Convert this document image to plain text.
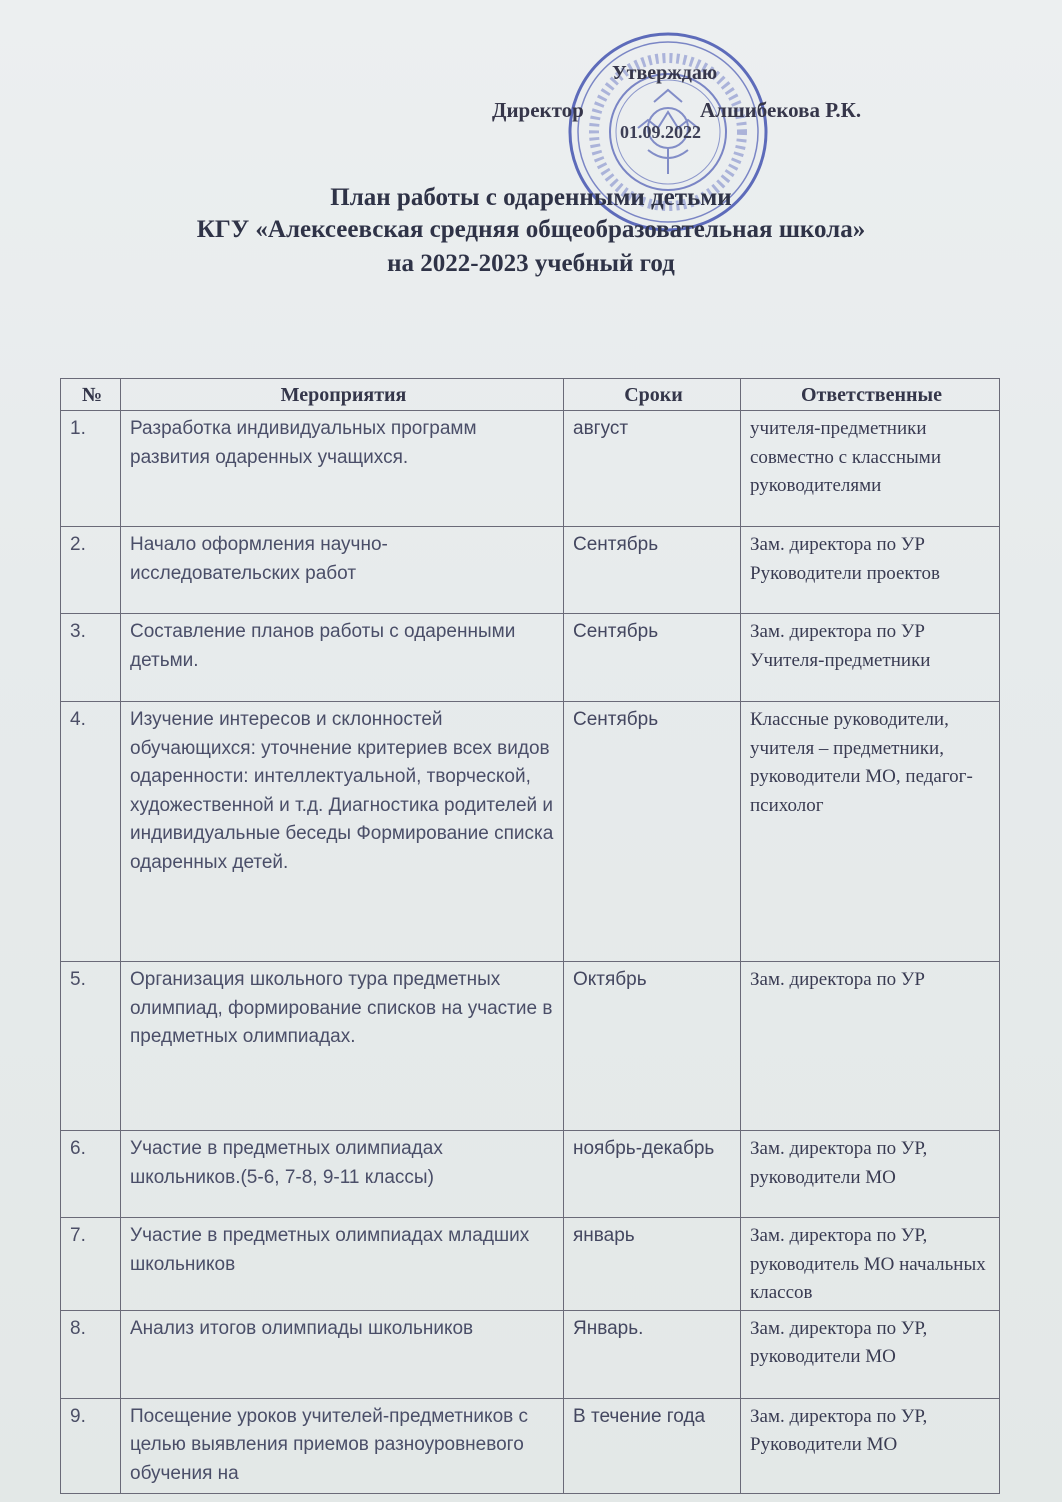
Утверждаю
Директор	Алшибекова Р.К.
01.09.2022
План работы с одаренными детьми
КГУ «Алексеевская средняя общеобразовательная школа»
на 2022-2023 учебный год
№	Мероприятия	Сроки	Ответственные
1.	Разработка индивидуальных программ развития одаренных учащихся.	август	учителя-предметники совместно с классными руководителями
2.	Начало оформления научно-исследовательских работ	Сентябрь	Зам. директора по УР Руководители проектов
3.	Составление планов работы с одаренными детьми.	Сентябрь	Зам. директора по УР Учителя-предметники
4.	Изучение интересов и склонностей обучающихся: уточнение критериев всех видов одаренности: интеллектуальной, творческой, художественной и т.д. Диагностика родителей и индивидуальные беседы Формирование списка одаренных детей.	Сентябрь	Классные руководители, учителя – предметники, руководители МО, педагог-психолог
5.	Организация школьного тура предметных олимпиад, формирование списков на участие в предметных олимпиадах.	Октябрь	Зам. директора по УР
6.	Участие в предметных олимпиадах школьников.(5-6, 7-8, 9-11 классы)	ноябрь-декабрь	Зам. директора по УР, руководители МО
7.	Участие в предметных олимпиадах младших школьников	январь	Зам. директора по УР, руководитель МО начальных классов
8.	Анализ итогов олимпиады школьников	Январь.	Зам. директора по УР, руководители МО
9.	Посещение уроков учителей-предметников с целью выявления приемов разноуровневого обучения на	В течение года	Зам. директора по УР, Руководители МО
